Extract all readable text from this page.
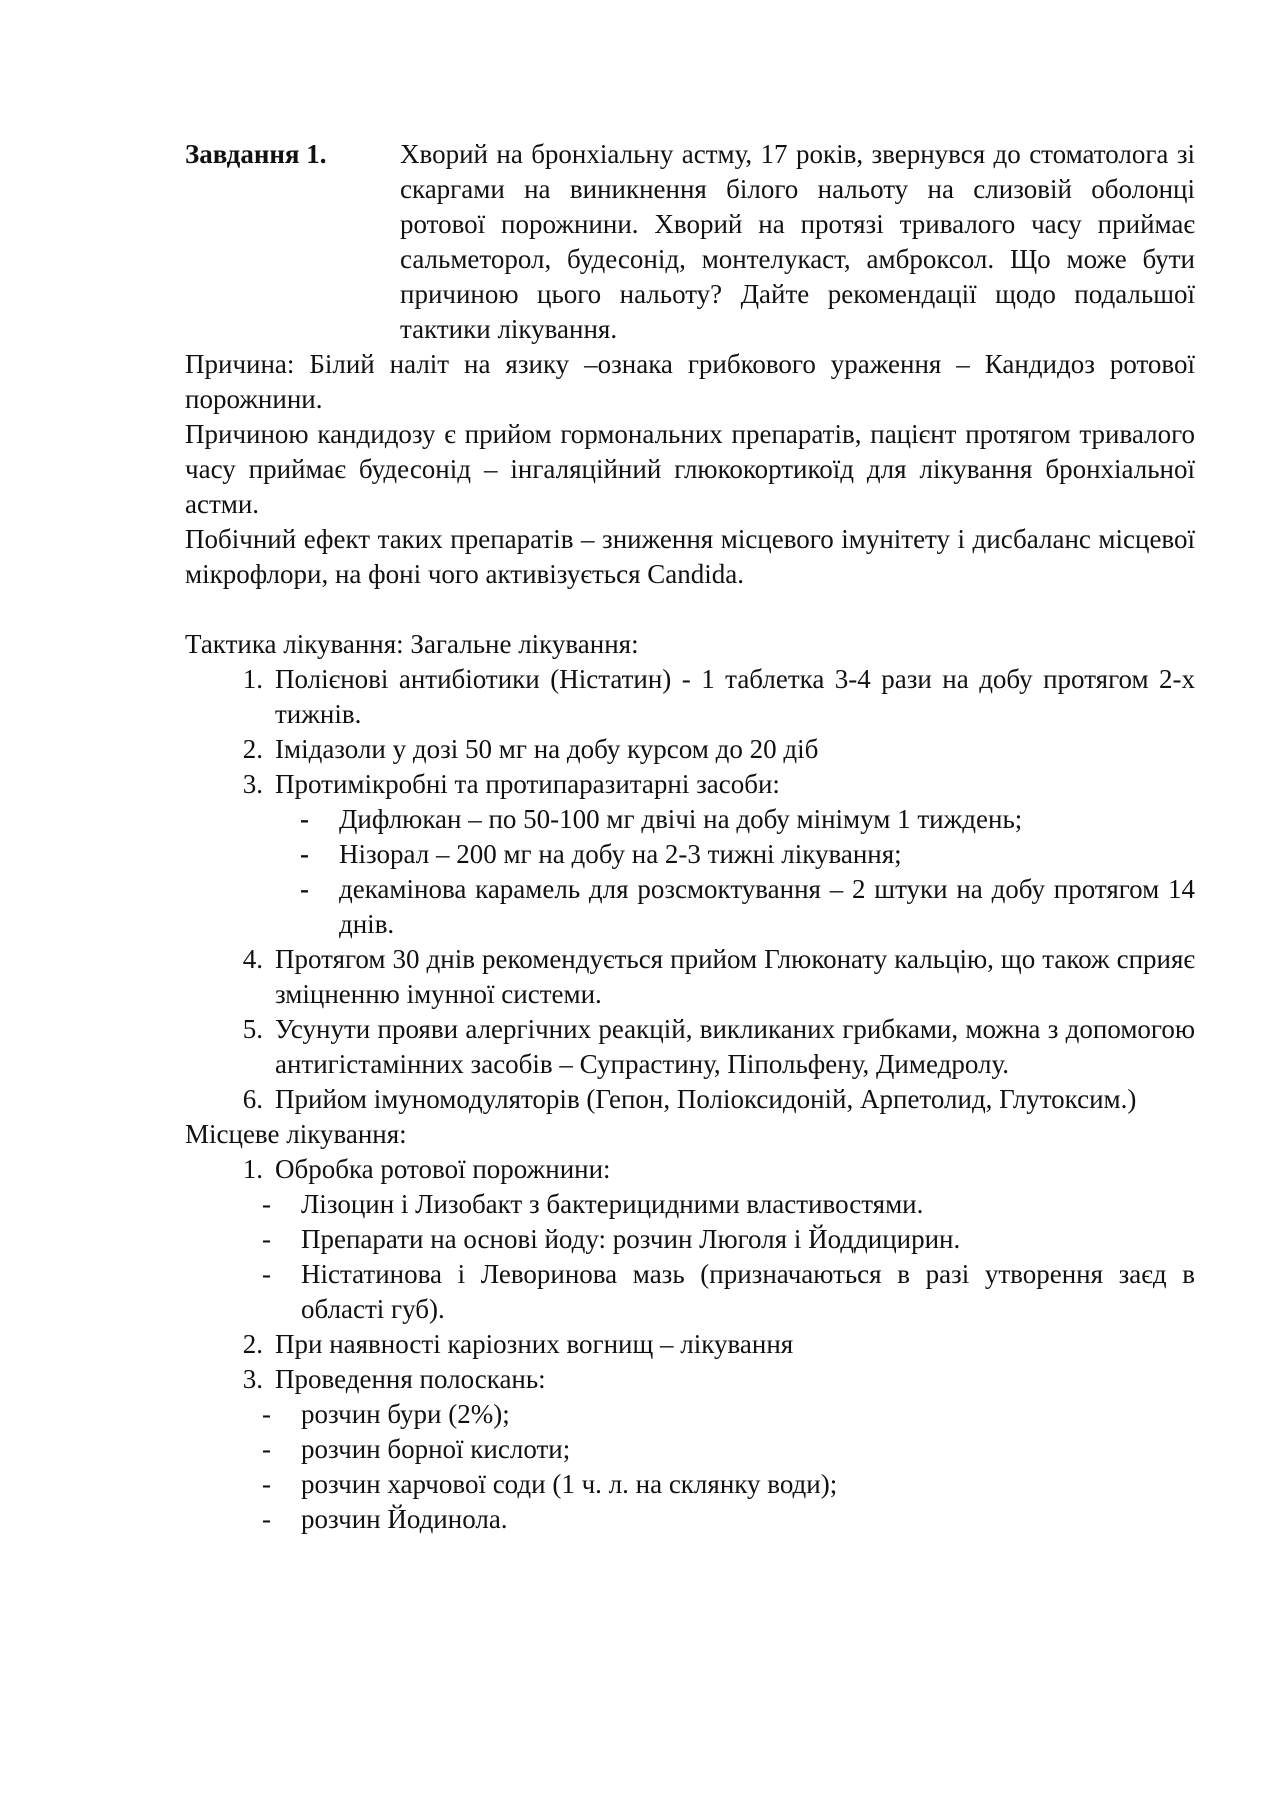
Завдання 1.	Хворий на бронхіальну астму, 17 років, звернувся до стоматолога зі скаргами на виникнення білого нальоту на слизовій оболонці ротової порожнини. Хворий на протязі тривалого часу приймає сальметорол, будесонід, монтелукаст, амброксол. Що може бути причиною цього нальоту? Дайте рекомендації щодо подальшої тактики лікування.

Причина: Білий наліт на язику –ознака грибкового ураження – Кандидоз ротової порожнини.

Причиною кандидозу є прийом гормональних препаратів, пацієнт протягом тривалого часу приймає будесонід – інгаляційний глюкокортикоїд для лікування бронхіальної астми.

Побічний ефект таких препаратів – зниження місцевого імунітету і дисбаланс місцевої мікрофлори, на фоні чого активізується Candida.

Тактика лікування: Загальне лікування:

1. Полієнові антибіотики (Ністатин) - 1 таблетка 3-4 рази на добу протягом 2-х тижнів.
2. Імідазоли у дозі 50 мг на добу курсом до 20 діб
3. Протимікробні та протипаразитарні засоби:
-	Дифлюкан – по 50-100 мг двічі на добу мінімум 1 тиждень;
-	Нізорал – 200 мг на добу на 2-3 тижні лікування;
-	декамінова карамель для розсмоктування – 2 штуки на добу протягом 14 днів.
4. Протягом 30 днів рекомендується прийом Глюконату кальцію, що також сприяє зміцненню імунної системи.
5. Усунути прояви алергічних реакцій, викликаних грибками, можна з допомогою антигістамінних засобів – Супрастину, Піпольфену, Димедролу.
6. Прийом імуномодуляторів (Гепон, Поліоксидоній, Арпетолид, Глутоксим.)

Місцеве лікування:

1. Обробка ротової порожнини:
-	Лізоцин і Лизобакт з бактерицидними властивостями.
-	Препарати на основі йоду: розчин Люголя і Йоддицирин.
-	Ністатинова і Леворинова мазь (призначаються в разі утворення заєд в області губ).
2. При наявності каріозних вогнищ – лікування
3. Проведення полоскань:
-	розчин бури (2%);
-	розчин борної кислоти;
-	розчин харчової соди (1 ч. л. на склянку води);
-	розчин Йодинола.
